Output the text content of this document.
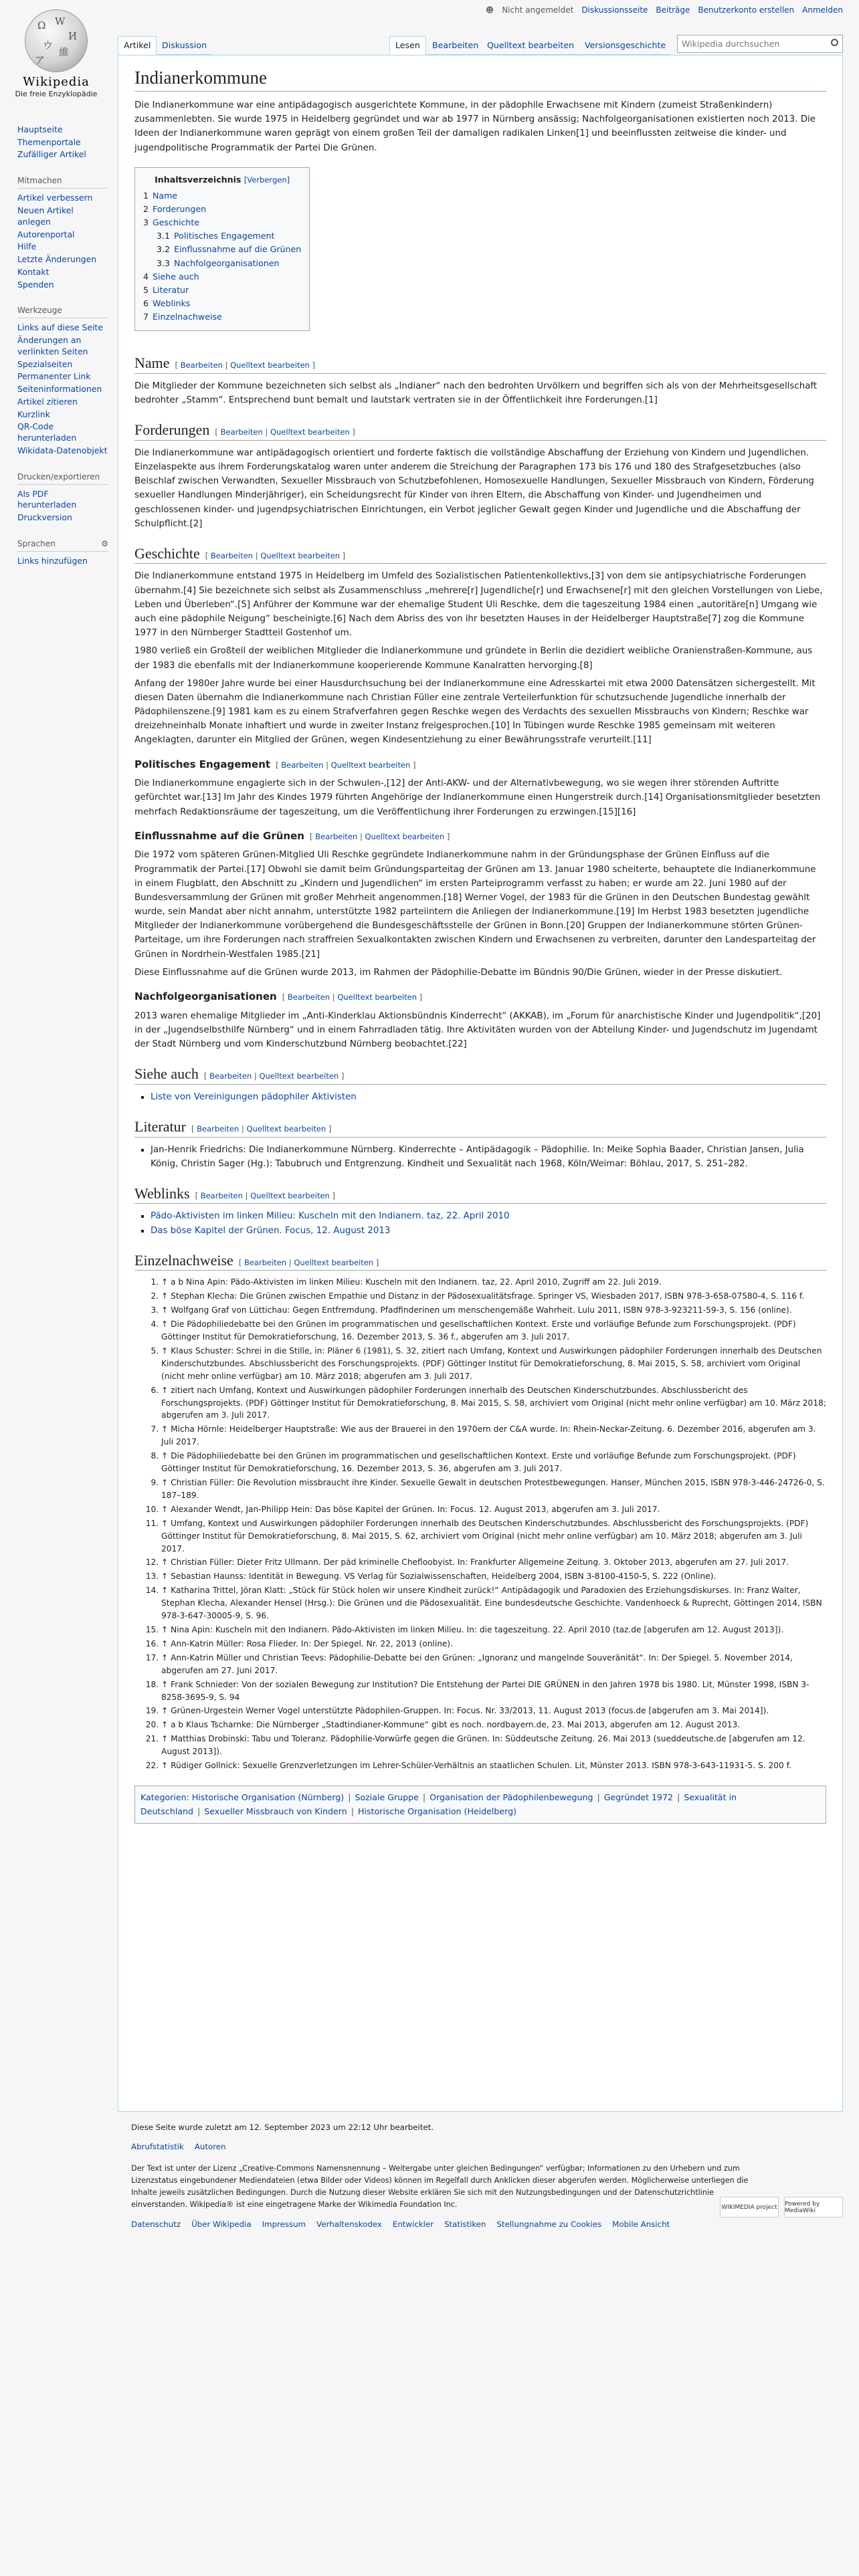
Ω W
И
ウ
維
ア
Wikipedia
Die freie Enzyklopädie
☻ Nicht angemeldet Diskussionsseite Beiträge Benutzerkonto erstellen Anmelden
Artikel	Diskussion	Lesen	Bearbeiten	Quelltext bearbeiten	Versionsgeschichte	Wikipedia durchsuchen
Hauptseite
Themenportale
Zufälliger Artikel
Mitmachen
Artikel verbessern
Neuen Artikel anlegen
Autorenportal
Hilfe
Letzte Änderungen
Kontakt
Spenden
Werkzeuge
Links auf diese Seite
Änderungen an verlinkten Seiten
Spezialseiten
Permanenter Link
Seiteninformationen
Artikel zitieren
Kurzlink
QR-Code herunterladen
Wikidata-Datenobjekt
Drucken/exportieren
Als PDF herunterladen
Druckversion
Sprachen	⚙
Links hinzufügen
Indianerkommune

Die Indianerkommune war eine antipädagogisch ausgerichtete Kommune, in der pädophile Erwachsene mit Kindern (zumeist Straßenkindern) zusammenlebten. Sie wurde 1975 in Heidelberg gegründet und war ab 1977 in Nürnberg ansässig; Nachfolgeorganisationen existierten noch 2013. Die Ideen der Indianerkommune waren geprägt von einem großen Teil der damaligen radikalen Linken[1] und beeinflussten zeitweise die kinder- und jugendpolitische Programmatik der Partei Die Grünen.

Inhaltsverzeichnis [Verbergen]
1 Name
2 Forderungen
3 Geschichte
3.1 Politisches Engagement
3.2 Einflussnahme auf die Grünen
3.3 Nachfolgeorganisationen
4 Siehe auch
5 Literatur
6 Weblinks
7 Einzelnachweise
Name [ Bearbeiten | Quelltext bearbeiten ]

Die Mitglieder der Kommune bezeichneten sich selbst als „Indianer“ nach den bedrohten Urvölkern und begriffen sich als von der Mehrheitsgesellschaft bedrohter „Stamm“. Entsprechend bunt bemalt und lautstark vertraten sie in der Öffentlichkeit ihre Forderungen.[1]

Forderungen [ Bearbeiten | Quelltext bearbeiten ]

Die Indianerkommune war antipädagogisch orientiert und forderte faktisch die vollständige Abschaffung der Erziehung von Kindern und Jugendlichen. Einzelaspekte aus ihrem Forderungskatalog waren unter anderem die Streichung der Paragraphen 173 bis 176 und 180 des Strafgesetzbuches (also Beischlaf zwischen Verwandten, Sexueller Missbrauch von Schutzbefohlenen, Homosexuelle Handlungen, Sexueller Missbrauch von Kindern, Förderung sexueller Handlungen Minderjähriger), ein Scheidungsrecht für Kinder von ihren Eltern, die Abschaffung von Kinder- und Jugendheimen und geschlossenen kinder- und jugendpsychiatrischen Einrichtungen, ein Verbot jeglicher Gewalt gegen Kinder und Jugendliche und die Abschaffung der Schulpflicht.[2]

Geschichte [ Bearbeiten | Quelltext bearbeiten ]

Die Indianerkommune entstand 1975 in Heidelberg im Umfeld des Sozialistischen Patientenkollektivs,[3] von dem sie antipsychiatrische Forderungen übernahm.[4] Sie bezeichnete sich selbst als Zusammenschluss „mehrere[r] Jugendliche[r] und Erwachsene[r] mit den gleichen Vorstellungen von Liebe, Leben und Überleben“.[5] Anführer der Kommune war der ehemalige Student Uli Reschke, dem die tageszeitung 1984 einen „autoritäre[n] Umgang wie auch eine pädophile Neigung“ bescheinigte.[6] Nach dem Abriss des von ihr besetzten Hauses in der Heidelberger Hauptstraße[7] zog die Kommune 1977 in den Nürnberger Stadtteil Gostenhof um.

1980 verließ ein Großteil der weiblichen Mitglieder die Indianerkommune und gründete in Berlin die dezidiert weibliche Oranienstraßen-Kommune, aus der 1983 die ebenfalls mit der Indianerkommune kooperierende Kommune Kanalratten hervorging.[8]

Anfang der 1980er Jahre wurde bei einer Hausdurchsuchung bei der Indianerkommune eine Adresskartei mit etwa 2000 Datensätzen sichergestellt. Mit diesen Daten übernahm die Indianerkommune nach Christian Füller eine zentrale Verteilerfunktion für schutzsuchende Jugendliche innerhalb der Pädophilenszene.[9] 1981 kam es zu einem Strafverfahren gegen Reschke wegen des Verdachts des sexuellen Missbrauchs von Kindern; Reschke war dreizehneinhalb Monate inhaftiert und wurde in zweiter Instanz freigesprochen.[10] In Tübingen wurde Reschke 1985 gemeinsam mit weiteren Angeklagten, darunter ein Mitglied der Grünen, wegen Kindesentziehung zu einer Bewährungsstrafe verurteilt.[11]

Politisches Engagement [ Bearbeiten | Quelltext bearbeiten ]

Die Indianerkommune engagierte sich in der Schwulen-,[12] der Anti-AKW- und der Alternativbewegung, wo sie wegen ihrer störenden Auftritte gefürchtet war.[13] Im Jahr des Kindes 1979 führten Angehörige der Indianerkommune einen Hungerstreik durch.[14] Organisationsmitglieder besetzten mehrfach Redaktionsräume der tageszeitung, um die Veröffentlichung ihrer Forderungen zu erzwingen.[15][16]

Einflussnahme auf die Grünen [ Bearbeiten | Quelltext bearbeiten ]

Die 1972 vom späteren Grünen-Mitglied Uli Reschke gegründete Indianerkommune nahm in der Gründungsphase der Grünen Einfluss auf die Programmatik der Partei.[17] Obwohl sie damit beim Gründungsparteitag der Grünen am 13. Januar 1980 scheiterte, behauptete die Indianerkommune in einem Flugblatt, den Abschnitt zu „Kindern und Jugendlichen“ im ersten Parteiprogramm verfasst zu haben; er wurde am 22. Juni 1980 auf der Bundesversammlung der Grünen mit großer Mehrheit angenommen.[18] Werner Vogel, der 1983 für die Grünen in den Deutschen Bundestag gewählt wurde, sein Mandat aber nicht annahm, unterstützte 1982 parteiintern die Anliegen der Indianerkommune.[19] Im Herbst 1983 besetzten jugendliche Mitglieder der Indianerkommune vorübergehend die Bundesgeschäftsstelle der Grünen in Bonn.[20] Gruppen der Indianerkommune störten Grünen-Parteitage, um ihre Forderungen nach straffreien Sexualkontakten zwischen Kindern und Erwachsenen zu verbreiten, darunter den Landesparteitag der Grünen in Nordrhein-Westfalen 1985.[21]

Diese Einflussnahme auf die Grünen wurde 2013, im Rahmen der Pädophilie-Debatte im Bündnis 90/Die Grünen, wieder in der Presse diskutiert.

Nachfolgeorganisationen [ Bearbeiten | Quelltext bearbeiten ]

2013 waren ehemalige Mitglieder im „Anti-Kinderklau Aktionsbündnis Kinderrecht“ (AKKAB), im „Forum für anarchistische Kinder und Jugendpolitik“,[20] in der „Jugendselbsthilfe Nürnberg“ und in einem Fahrradladen tätig. Ihre Aktivitäten wurden von der Abteilung Kinder- und Jugendschutz im Jugendamt der Stadt Nürnberg und vom Kinderschutzbund Nürnberg beobachtet.[22]

Siehe auch [ Bearbeiten | Quelltext bearbeiten ]
▪ Liste von Vereinigungen pädophiler Aktivisten
Literatur [ Bearbeiten | Quelltext bearbeiten ]
▪ Jan-Henrik Friedrichs: Die Indianerkommune Nürnberg. Kinderrechte – Antipädagogik – Pädophilie. In: Meike Sophia Baader, Christian Jansen, Julia König, Christin Sager (Hg.): Tabubruch und Entgrenzung. Kindheit und Sexualität nach 1968, Köln/Weimar: Böhlau, 2017, S. 251–282.
Weblinks [ Bearbeiten | Quelltext bearbeiten ]
▪ Pädo-Aktivisten im linken Milieu: Kuscheln mit den Indianern. taz, 22. April 2010
▪ Das böse Kapitel der Grünen. Focus, 12. August 2013
Einzelnachweise [ Bearbeiten | Quelltext bearbeiten ]
1. ↑ a b Nina Apin: Pädo-Aktivisten im linken Milieu: Kuscheln mit den Indianern. taz, 22. April 2010, Zugriff am 22. Juli 2019.
2. ↑ Stephan Klecha: Die Grünen zwischen Empathie und Distanz in der Pädosexualitätsfrage. Springer VS, Wiesbaden 2017, ISBN 978-3-658-07580-4, S. 116 f.
3. ↑ Wolfgang Graf von Lüttichau: Gegen Entfremdung. Pfadfinderinen um menschengemäße Wahrheit. Lulu 2011, ISBN 978-3-923211-59-3, S. 156 (online).
4. ↑ Die Pädophiliedebatte bei den Grünen im programmatischen und gesellschaftlichen Kontext. Erste und vorläufige Befunde zum Forschungsprojekt. (PDF) Göttinger Institut für Demokratieforschung, 16. Dezember 2013, S. 36 f., abgerufen am 3. Juli 2017.
5. ↑ Klaus Schuster: Schrei in die Stille, in: Pläner 6 (1981), S. 32, zitiert nach Umfang, Kontext und Auswirkungen pädophiler Forderungen innerhalb des Deutschen Kinderschutzbundes. Abschlussbericht des Forschungsprojekts. (PDF) Göttinger Institut für Demokratieforschung, 8. Mai 2015, S. 58, archiviert vom Original (nicht mehr online verfügbar) am 10. März 2018; abgerufen am 3. Juli 2017.
6. ↑ zitiert nach Umfang, Kontext und Auswirkungen pädophiler Forderungen innerhalb des Deutschen Kinderschutzbundes. Abschlussbericht des Forschungsprojekts. (PDF) Göttinger Institut für Demokratieforschung, 8. Mai 2015, S. 58, archiviert vom Original (nicht mehr online verfügbar) am 10. März 2018; abgerufen am 3. Juli 2017.
7. ↑ Micha Hörnle: Heidelberger Hauptstraße: Wie aus der Brauerei in den 1970ern der C&A wurde. In: Rhein-Neckar-Zeitung. 6. Dezember 2016, abgerufen am 3. Juli 2017.
8. ↑ Die Pädophiliedebatte bei den Grünen im programmatischen und gesellschaftlichen Kontext. Erste und vorläufige Befunde zum Forschungsprojekt. (PDF) Göttinger Institut für Demokratieforschung, 16. Dezember 2013, S. 36, abgerufen am 3. Juli 2017.
9. ↑ Christian Füller: Die Revolution missbraucht ihre Kinder. Sexuelle Gewalt in deutschen Protestbewegungen. Hanser, München 2015, ISBN 978-3-446-24726-0, S. 187–189.
10. ↑ Alexander Wendt, Jan-Philipp Hein: Das böse Kapitel der Grünen. In: Focus. 12. August 2013, abgerufen am 3. Juli 2017.
11. ↑ Umfang, Kontext und Auswirkungen pädophiler Forderungen innerhalb des Deutschen Kinderschutzbundes. Abschlussbericht des Forschungsprojekts. (PDF) Göttinger Institut für Demokratieforschung, 8. Mai 2015, S. 62, archiviert vom Original (nicht mehr online verfügbar) am 10. März 2018; abgerufen am 3. Juli 2017.
12. ↑ Christian Füller: Dieter Fritz Ullmann. Der päd kriminelle Chefloobyist. In: Frankfurter Allgemeine Zeitung. 3. Oktober 2013, abgerufen am 27. Juli 2017.
13. ↑ Sebastian Haunss: Identität in Bewegung. VS Verlag für Sozialwissenschaften, Heidelberg 2004, ISBN 3-8100-4150-5, S. 222 (Online).
14. ↑ Katharina Trittel, Jöran Klatt: „Stück für Stück holen wir unsere Kindheit zurück!“ Antipädagogik und Paradoxien des Erziehungsdiskurses. In: Franz Walter, Stephan Klecha, Alexander Hensel (Hrsg.): Die Grünen und die Pädosexualität. Eine bundesdeutsche Geschichte. Vandenhoeck & Ruprecht, Göttingen 2014, ISBN 978-3-647-30005-9, S. 96.
15. ↑ Nina Apin: Kuscheln mit den Indianern. Pädo-Aktivisten im linken Milieu. In: die tageszeitung. 22. April 2010 (taz.de [abgerufen am 12. August 2013]).
16. ↑ Ann-Katrin Müller: Rosa Flieder. In: Der Spiegel. Nr. 22, 2013 (online).
17. ↑ Ann-Katrin Müller und Christian Teevs: Pädophilie-Debatte bei den Grünen: „Ignoranz und mangelnde Souveränität“. In: Der Spiegel. 5. November 2014, abgerufen am 27. Juni 2017.
18. ↑ Frank Schnieder: Von der sozialen Bewegung zur Institution? Die Entstehung der Partei DIE GRÜNEN in den Jahren 1978 bis 1980. Lit, Münster 1998, ISBN 3-8258-3695-9, S. 94
19. ↑ Grünen-Urgestein Werner Vogel unterstützte Pädophilen-Gruppen. In: Focus. Nr. 33/2013, 11. August 2013 (focus.de [abgerufen am 3. Mai 2014]).
20. ↑ a b Klaus Tscharnke: Die Nürnberger „Stadtindianer-Kommune“ gibt es noch. nordbayern.de, 23. Mai 2013, abgerufen am 12. August 2013.
21. ↑ Matthias Drobinski: Tabu und Toleranz. Pädophilie-Vorwürfe gegen die Grünen. In: Süddeutsche Zeitung. 26. Mai 2013 (sueddeutsche.de [abgerufen am 12. August 2013]).
22. ↑ Rüdiger Gollnick: Sexuelle Grenzverletzungen im Lehrer-Schüler-Verhältnis an staatlichen Schulen. Lit, Münster 2013. ISBN 978-3-643-11931-5. S. 200 f.
Kategorien: Historische Organisation (Nürnberg) | Soziale Gruppe | Organisation der Pädophilenbewegung | Gegründet 1972 | Sexualität in Deutschland | Sexueller Missbrauch von Kindern | Historische Organisation (Heidelberg)
Diese Seite wurde zuletzt am 12. September 2023 um 22:12 Uhr bearbeitet.
Abrufstatistik Autoren

Der Text ist unter der Lizenz „Creative-Commons Namensnennung – Weitergabe unter gleichen Bedingungen“ verfügbar; Informationen zu den Urhebern und zum Lizenzstatus eingebundener Mediendateien (etwa Bilder oder Videos) können im Regelfall durch Anklicken dieser abgerufen werden. Möglicherweise unterliegen die Inhalte jeweils zusätzlichen Bedingungen. Durch die Nutzung dieser Website erklären Sie sich mit den Nutzungsbedingungen und der Datenschutzrichtlinie einverstanden. Wikipedia® ist eine eingetragene Marke der Wikimedia Foundation Inc.

Datenschutz Über Wikipedia Impressum Verhaltenskodex Entwickler Statistiken Stellungnahme zu Cookies Mobile Ansicht
WIKIMEDIA project Powered by MediaWiki
